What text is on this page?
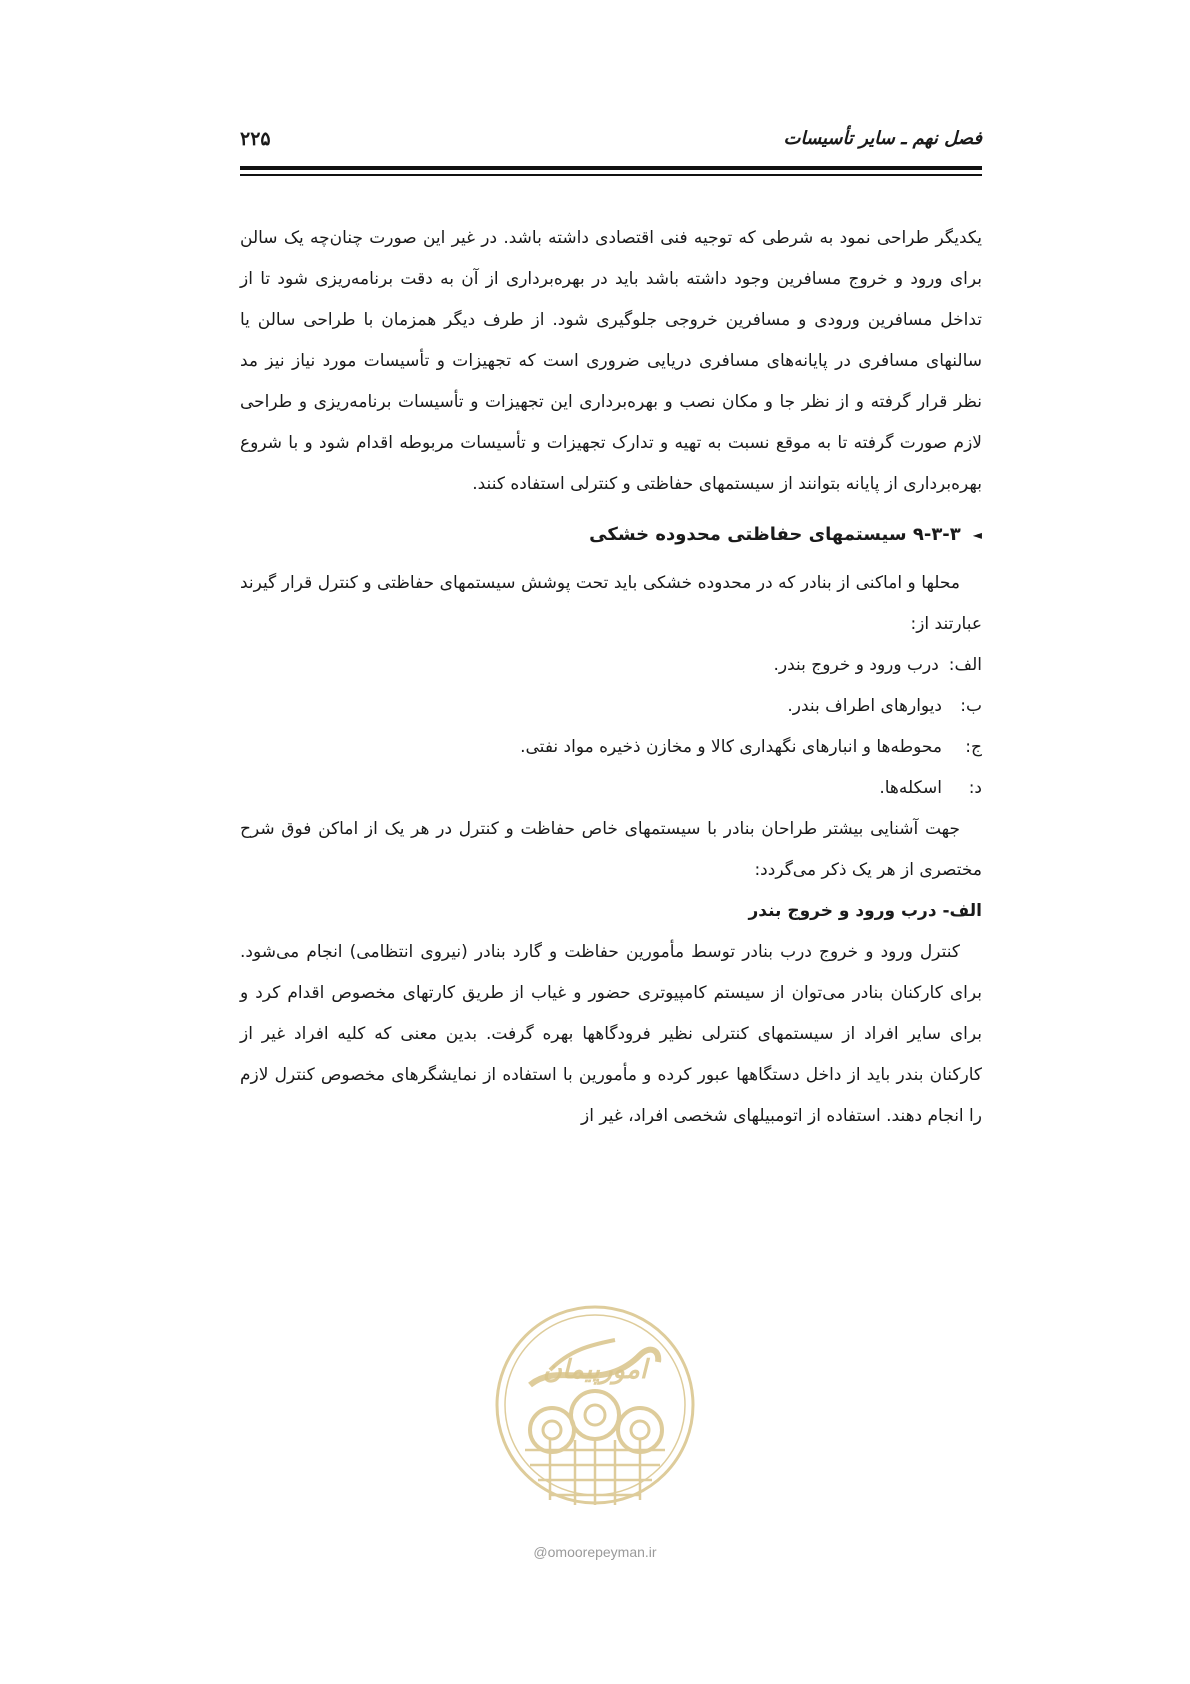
فصل نهم ـ سایر تأسیسات
۲۲۵

یکدیگر طراحی نمود به شرطی که توجیه فنی اقتصادی داشته باشد. در غیر این صورت چنان‌چه یک سالن برای ورود و خروج مسافرین وجود داشته باشد باید در بهره‌برداری از آن به دقت برنامه‌ریزی شود تا از تداخل مسافرین ورودی و مسافرین خروجی جلوگیری شود. از طرف دیگر همزمان با طراحی سالن یا سالنهای مسافری در پایانه‌های مسافری دریایی ضروری است که تجهیزات و تأسیسات مورد نیاز نیز مد نظر قرار گرفته و از نظر جا و مکان نصب و بهره‌برداری این تجهیزات و تأسیسات برنامه‌ریزی و طراحی لازم صورت گرفته تا به موقع نسبت به تهیه و تدارک تجهیزات و تأسیسات مربوطه اقدام شود و با شروع بهره‌برداری از پایانه بتوانند از سیستمهای حفاظتی و کنترلی استفاده کنند.

◄
۹-۳-۳ سیستمهای حفاظتی محدوده خشکی

محلها و اماکنی از بنادر که در محدوده خشکی باید تحت پوشش سیستمهای حفاظتی و کنترل قرار گیرند عبارتند از:

الف:
درب ورود و خروج بندر.
ب:
دیوارهای اطراف بندر.
ج:
محوطه‌ها و انبارهای نگهداری کالا و مخازن ذخیره مواد نفتی.
د:
اسکله‌ها.

جهت آشنایی بیشتر طراحان بنادر با سیستمهای خاص حفاظت و کنترل در هر یک از اماکن فوق شرح مختصری از هر یک ذکر می‌گردد:

الف- درب ورود و خروج بندر

کنترل ورود و خروج درب بنادر توسط مأمورین حفاظت و گارد بنادر (نیروی انتظامی) انجام می‌شود. برای کارکنان بنادر می‌توان از سیستم کامپیوتری حضور و غیاب از طریق کارتهای مخصوص اقدام کرد و برای سایر افراد از سیستمهای کنترلی نظیر فرودگاهها بهره گرفت. بدین معنی که کلیه افراد غیر از کارکنان بندر باید از داخل دستگاهها عبور کرده و مأمورین با استفاده از نمایشگرهای مخصوص کنترل لازم را انجام دهند. استفاده از اتومبیلهای شخصی افراد، غیر از

امورپیمان
@omoorepeyman.ir
